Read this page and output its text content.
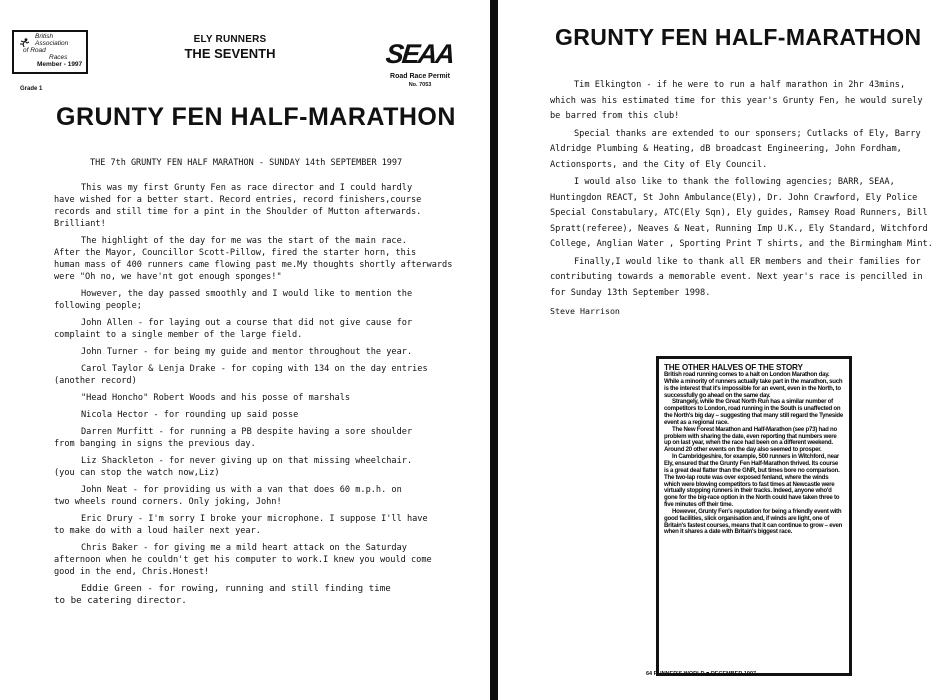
British
Association
of Road
Races
Member - 1997
Grade 1
ELY RUNNERS
THE SEVENTH	SEAA
Road Race Permit
No. 7053
GRUNTY FEN HALF-MARATHON
THE 7th GRUNTY FEN HALF MARATHON - SUNDAY 14th SEPTEMBER 1997

This was my first Grunty Fen as race director and I could hardly
have wished for a better start. Record entries, record finishers,course
records and still time for a pint in the Shoulder of Mutton afterwards.
Brilliant!

The highlight of the day for me was the start of the main race.
After the Mayor, Councillor Scott-Pillow, fired the starter horn, this
human mass of 400 runners came flowing past me.My thoughts shortly afterwards
were "Oh no, we have'nt got enough sponges!"

However, the day passed smoothly and I would like to mention the
following people;

John Allen - for laying out a course that did not give cause for
complaint to a single member of the large field.

John Turner - for being my guide and mentor throughout the year.

Carol Taylor & Lenja Drake - for coping with 134 on the day entries
(another record)

"Head Honcho" Robert Woods and his posse of marshals

Nicola Hector - for rounding up said posse

Darren Murfitt - for running a PB despite having a sore shoulder
from banging in signs the previous day.

Liz Shackleton - for never giving up on that missing wheelchair.
(you can stop the watch now,Liz)

John Neat - for providing us with a van that does 60 m.p.h. on
two wheels round corners. Only joking, John!

Eric Drury - I'm sorry I broke your microphone. I suppose I'll have
to make do with a loud hailer next year.

Chris Baker - for giving me a mild heart attack on the Saturday
afternoon when he couldn't get his computer to work.I knew you would come
good in the end, Chris.Honest!

Eddie Green - for rowing, running and still finding time
to be catering director.

GRUNTY FEN HALF-MARATHON

Tim Elkington - if he were to run a half marathon in 2hr 43mins,
which was his estimated time for this year's Grunty Fen, he would surely
be barred from this club!

Special thanks are extended to our sponsers; Cutlacks of Ely, Barry
Aldridge Plumbing & Heating, dB broadcast Engineering, John Fordham,
Actionsports, and the City of Ely Council.

I would also like to thank the following agencies; BARR, SEAA,
Huntingdon REACT, St John Ambulance(Ely), Dr. John Crawford, Ely Police
Special Constabulary, ATC(Ely Sqn), Ely guides, Ramsey Road Runners, Bill
Spratt(referee), Neaves & Neat, Running Imp U.K., Ely Standard, Witchford
College, Anglian Water , Sporting Print T shirts, and the Birmingham Mint.

Finally,I would like to thank all ER members and their families for
contributing towards a memorable event. Next year's race is pencilled in
for Sunday 13th September 1998.

Steve Harrison
THE OTHER HALVES OF THE STORY

British road running comes to a halt on London Marathon day. While a minority of runners actually take part in the marathon, such is the interest that it's impossible for an event, even in the North, to successfully go ahead on the same day.

Strangely, while the Great North Run has a similar number of competitors to London, road running in the South is unaffected on the North's big day – suggesting that many still regard the Tyneside event as a regional race.

The New Forest Marathon and Half-Marathon (see p73) had no problem with sharing the date, even reporting that numbers were up on last year, when the race had been on a different weekend. Around 20 other events on the day also seemed to prosper.

In Cambridgeshire, for example, 500 runners in Witchford, near Ely, ensured that the Grunty Fen Half-Marathon thrived. Its course is a great deal flatter than the GNR, but times bore no comparison. The two-lap route was over exposed fenland, where the winds which were blowing competitors to fast times at Newcastle were virtually stopping runners in their tracks. Indeed, anyone who'd gone for the big-race option in the North could have taken three to five minutes off their time.

However, Grunty Fen's reputation for being a friendly event with good facilities, slick organisation and, if winds are light, one of Britain's fastest courses, means that it can continue to grow – even when it shares a date with Britain's biggest race.

64 RUNNER'S WORLD ■ DECEMBER 1997
